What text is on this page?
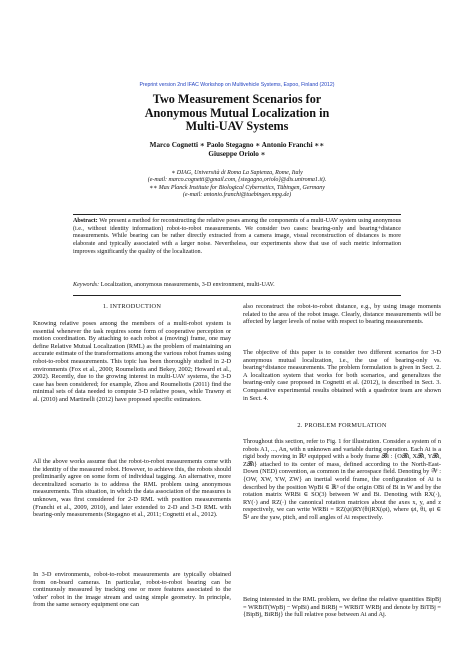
Preprint version 2nd IFAC Workshop on Multivehicle Systems, Espoo, Finland (2012)
Two Measurement Scenarios for
Anonymous Mutual Localization in
Multi-UAV Systems
Marco Cognetti ∗ Paolo Stegagno ∗ Antonio Franchi ∗∗
Giuseppe Oriolo ∗
∗ DIAG, Università di Roma La Sapienza, Rome, Italy
(e-mail: marco.cognetti@gmail.com, {stegagno,oriolo}@dis.uniroma1.it).
∗∗ Max Planck Institute for Biological Cybernetics, Tübingen, Germany
(e-mail: antonio.franchi@tuebingen.mpg.de)
Abstract: We present a method for reconstructing the relative poses among the components of a multi-UAV system using anonymous (i.e., without identity information) robot-to-robot measurements. We consider two cases: bearing-only and bearing+distance measurements. While bearing can be rather directly extracted from a camera image, visual reconstruction of distances is more elaborate and typically associated with a larger noise. Nevertheless, our experiments show that use of such metric information improves significantly the quality of the localization.
Keywords: Localization, anonymous measurements, 3-D environment, multi-UAV.
1. INTRODUCTION

Knowing relative poses among the members of a multi-robot system is essential whenever the task requires some form of cooperative perception or motion coordination. By attaching to each robot a (moving) frame, one may define Relative Mutual Localization (RML) as the problem of maintaining an accurate estimate of the transformations among the various robot frames using robot-to-robot measurements. This topic has been thoroughly studied in 2-D environments (Fox et al., 2000; Roumeliotis and Bekey, 2002; Howard et al., 2002). Recently, due to the growing interest in multi-UAV systems, the 3-D case has been considered; for example, Zhou and Roumeliotis (2011) find the minimal sets of data needed to compute 3-D relative poses, while Trawny et al. (2010) and Martinelli (2012) have proposed specific estimators.

All the above works assume that the robot-to-robot measurements come with the identity of the measured robot. However, to achieve this, the robots should preliminarily agree on some form of individual tagging. An alternative, more decentralized scenario is to address the RML problem using anonymous measurements. This situation, in which the data association of the measures is unknown, was first considered for 2-D RML with position measurements (Franchi et al., 2009, 2010), and later extended to 2-D and 3-D RML with bearing-only measurements (Stegagno et al., 2011; Cognetti et al., 2012).

In 3-D environments, robot-to-robot measurements are typically obtained from on-board cameras. In particular, robot-to-robot bearing can be continuously measured by tracking one or more features associated to the 'other' robot in the image stream and using simple geometry. In principle, from the same sensory equipment one can

also reconstruct the robot-to-robot distance, e.g., by using image moments related to the area of the robot image. Clearly, distance measurements will be affected by larger levels of noise with respect to bearing measurements.

The objective of this paper is to consider two different scenarios for 3-D anonymous mutual localization, i.e., the use of bearing-only vs. bearing+distance measurements. The problem formulation is given in Sect. 2. A localization system that works for both scenarios, and generalizes the bearing-only case proposed in Cognetti et al. (2012), is described in Sect. 3. Comparative experimental results obtained with a quadrotor team are shown in Sect. 4.

2. PROBLEM FORMULATION

Throughout this section, refer to Fig. 1 for illustration. Consider a system of n robots A1, ..., An, with n unknown and variable during operation. Each Ai is a rigid body moving in ℝ³ equipped with a body frame 𝓑i : {O𝓑i, X𝓑i, Y𝓑i, Z𝓑i} attached to its center of mass, defined according to the North-East-Down (NED) convention, as common in the aerospace field. Denoting by 𝒲 : {OW, XW, YW, ZW} an inertial world frame, the configuration of Ai is described by the position WpBi ∈ ℝ³ of the origin OBi of Bi in W and by the rotation matrix WRBi ∈ SO(3) between W and Bi. Denoting with RX(·), RY(·) and RZ(·) the canonical rotation matrices about the axes x, y, and z respectively, we can write WRBi = RZ(ψi)RY(θi)RX(φi), where ψi, θi, φi ∈ 𝕊¹ are the yaw, pitch, and roll angles of Ai respectively.

Being interested in the RML problem, we define the relative quantities BipBj = WRBiT(WpBj − WpBi) and BiRBj = WRBiT WRBj and denote by BiTBj = {BipBj, BiRBj} the full relative pose between Ai and Aj.
